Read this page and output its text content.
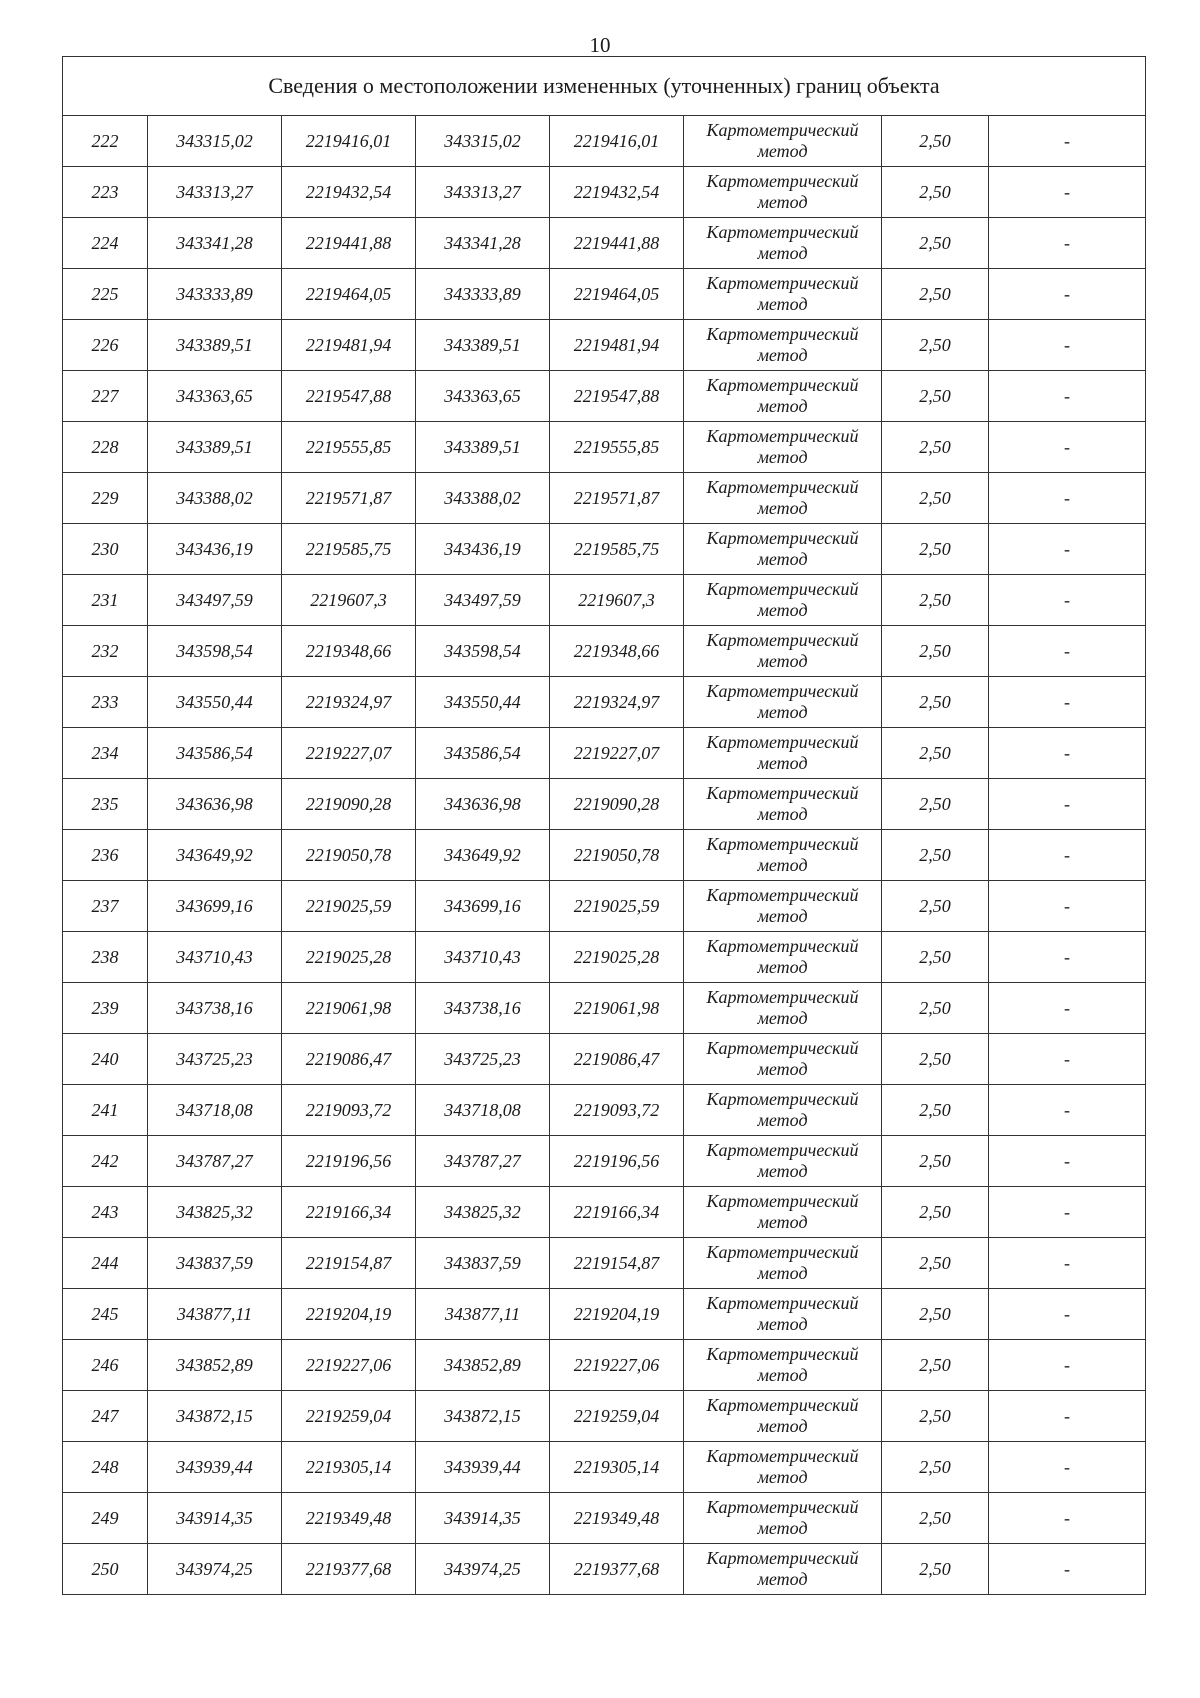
10
Сведения о местоположении измененных (уточненных) границ объекта							
222	343315,02	2219416,01	343315,02	2219416,01	Картометрический метод	2,50	-
223	343313,27	2219432,54	343313,27	2219432,54	Картометрический метод	2,50	-
224	343341,28	2219441,88	343341,28	2219441,88	Картометрический метод	2,50	-
225	343333,89	2219464,05	343333,89	2219464,05	Картометрический метод	2,50	-
226	343389,51	2219481,94	343389,51	2219481,94	Картометрический метод	2,50	-
227	343363,65	2219547,88	343363,65	2219547,88	Картометрический метод	2,50	-
228	343389,51	2219555,85	343389,51	2219555,85	Картометрический метод	2,50	-
229	343388,02	2219571,87	343388,02	2219571,87	Картометрический метод	2,50	-
230	343436,19	2219585,75	343436,19	2219585,75	Картометрический метод	2,50	-
231	343497,59	2219607,3	343497,59	2219607,3	Картометрический метод	2,50	-
232	343598,54	2219348,66	343598,54	2219348,66	Картометрический метод	2,50	-
233	343550,44	2219324,97	343550,44	2219324,97	Картометрический метод	2,50	-
234	343586,54	2219227,07	343586,54	2219227,07	Картометрический метод	2,50	-
235	343636,98	2219090,28	343636,98	2219090,28	Картометрический метод	2,50	-
236	343649,92	2219050,78	343649,92	2219050,78	Картометрический метод	2,50	-
237	343699,16	2219025,59	343699,16	2219025,59	Картометрический метод	2,50	-
238	343710,43	2219025,28	343710,43	2219025,28	Картометрический метод	2,50	-
239	343738,16	2219061,98	343738,16	2219061,98	Картометрический метод	2,50	-
240	343725,23	2219086,47	343725,23	2219086,47	Картометрический метод	2,50	-
241	343718,08	2219093,72	343718,08	2219093,72	Картометрический метод	2,50	-
242	343787,27	2219196,56	343787,27	2219196,56	Картометрический метод	2,50	-
243	343825,32	2219166,34	343825,32	2219166,34	Картометрический метод	2,50	-
244	343837,59	2219154,87	343837,59	2219154,87	Картометрический метод	2,50	-
245	343877,11	2219204,19	343877,11	2219204,19	Картометрический метод	2,50	-
246	343852,89	2219227,06	343852,89	2219227,06	Картометрический метод	2,50	-
247	343872,15	2219259,04	343872,15	2219259,04	Картометрический метод	2,50	-
248	343939,44	2219305,14	343939,44	2219305,14	Картометрический метод	2,50	-
249	343914,35	2219349,48	343914,35	2219349,48	Картометрический метод	2,50	-
250	343974,25	2219377,68	343974,25	2219377,68	Картометрический метод	2,50	-
